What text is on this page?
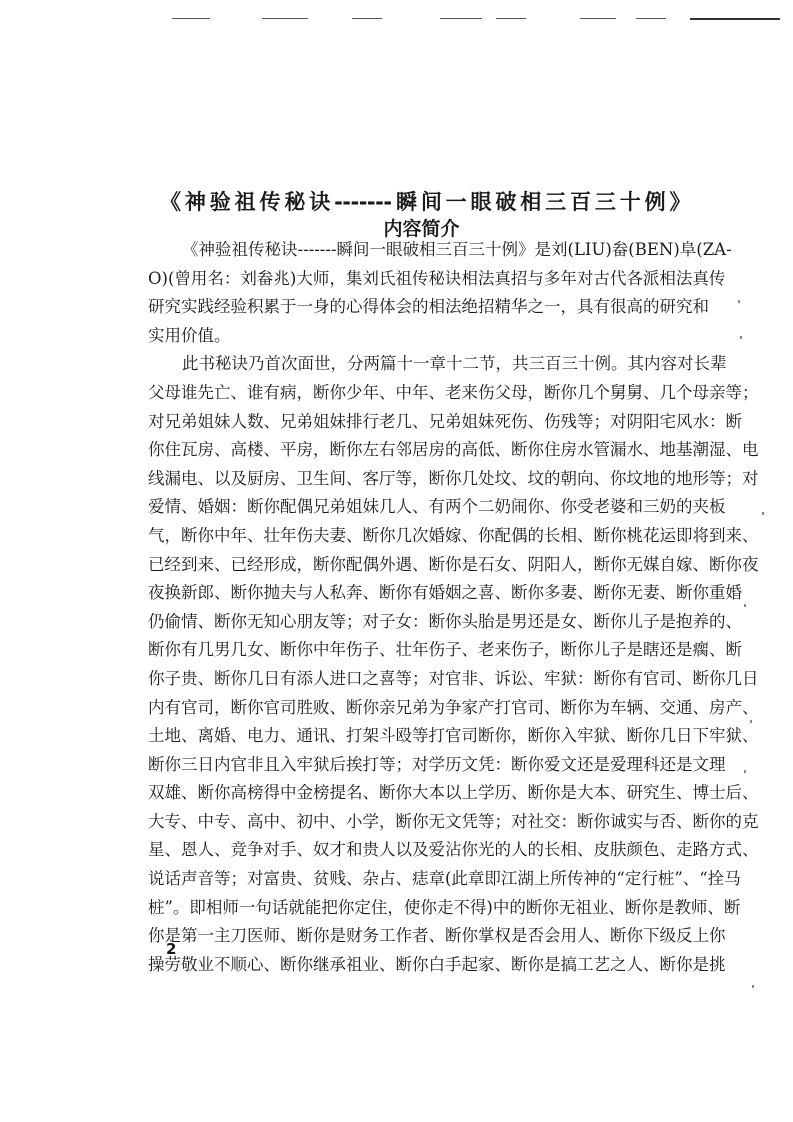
《神验祖传秘诀-------瞬间一眼破相三百三十例》
内容简介
《神验祖传秘诀-------瞬间一眼破相三百三十例》是刘(LIU)畚(BEN)阜(ZA-
O)(曾用名：刘畚兆)大师，集刘氏祖传秘诀相法真招与多年对古代各派相法真传
研究实践经验积累于一身的心得体会的相法绝招精华之一，具有很高的研究和
实用价值。
此书秘诀乃首次面世，分两篇十一章十二节，共三百三十例。其内容对长辈
父母谁先亡、谁有病，断你少年、中年、老来伤父母，断你几个舅舅、几个母亲等；
对兄弟姐妹人数、兄弟姐妹排行老几、兄弟姐妹死伤、伤残等；对阴阳宅风水：断
你住瓦房、高楼、平房，断你左右邻居房的高低、断你住房水管漏水、地基潮湿、电
线漏电、以及厨房、卫生间、客厅等，断你几处坟、坟的朝向、你坟地的地形等；对
爱情、婚姻：断你配偶兄弟姐妹几人、有两个二奶闹你、你受老婆和三奶的夹板
气，断你中年、壮年伤夫妻、断你几次婚嫁、你配偶的长相、断你桃花运即将到来、
已经到来、已经形成，断你配偶外遇、断你是石女、阴阳人，断你无媒自嫁、断你夜
夜换新郎、断你抛夫与人私奔、断你有婚姻之喜、断你多妻、断你无妻、断你重婚
仍偷情、断你无知心朋友等；对子女：断你头胎是男还是女、断你儿子是抱养的、
断你有几男几女、断你中年伤子、壮年伤子、老来伤子，断你儿子是瞎还是瘸、断
你子贵、断你几日有添人进口之喜等；对官非、诉讼、牢狱：断你有官司、断你几日
内有官司，断你官司胜败、断你亲兄弟为争家产打官司、断你为车辆、交通、房产、
土地、离婚、电力、通讯、打架斗殴等打官司断你，断你入牢狱、断你几日下牢狱、
断你三日内官非且入牢狱后挨打等；对学历文凭：断你爱文还是爱理科还是文理
双雄、断你高榜得中金榜提名、断你大本以上学历、断你是大本、研究生、博士后、
大专、中专、高中、初中、小学，断你无文凭等；对社交：断你诚实与否、断你的克
星、恩人、竞争对手、奴才和贵人以及爱沾你光的人的长相、皮肤颜色、走路方式、
说话声音等；对富贵、贫贱、杂占、痣章(此章即江湖上所传神的“定行桩”、“拴马
桩”。即相师一句话就能把你定住，使你走不得)中的断你无祖业、断你是教师、断
你是第一主刀医师、断你是财务工作者、断你掌权是否会用人、断你下级反上你
操劳敬业不顺心、断你继承祖业、断你白手起家、断你是搞工艺之人、断你是挑
2
